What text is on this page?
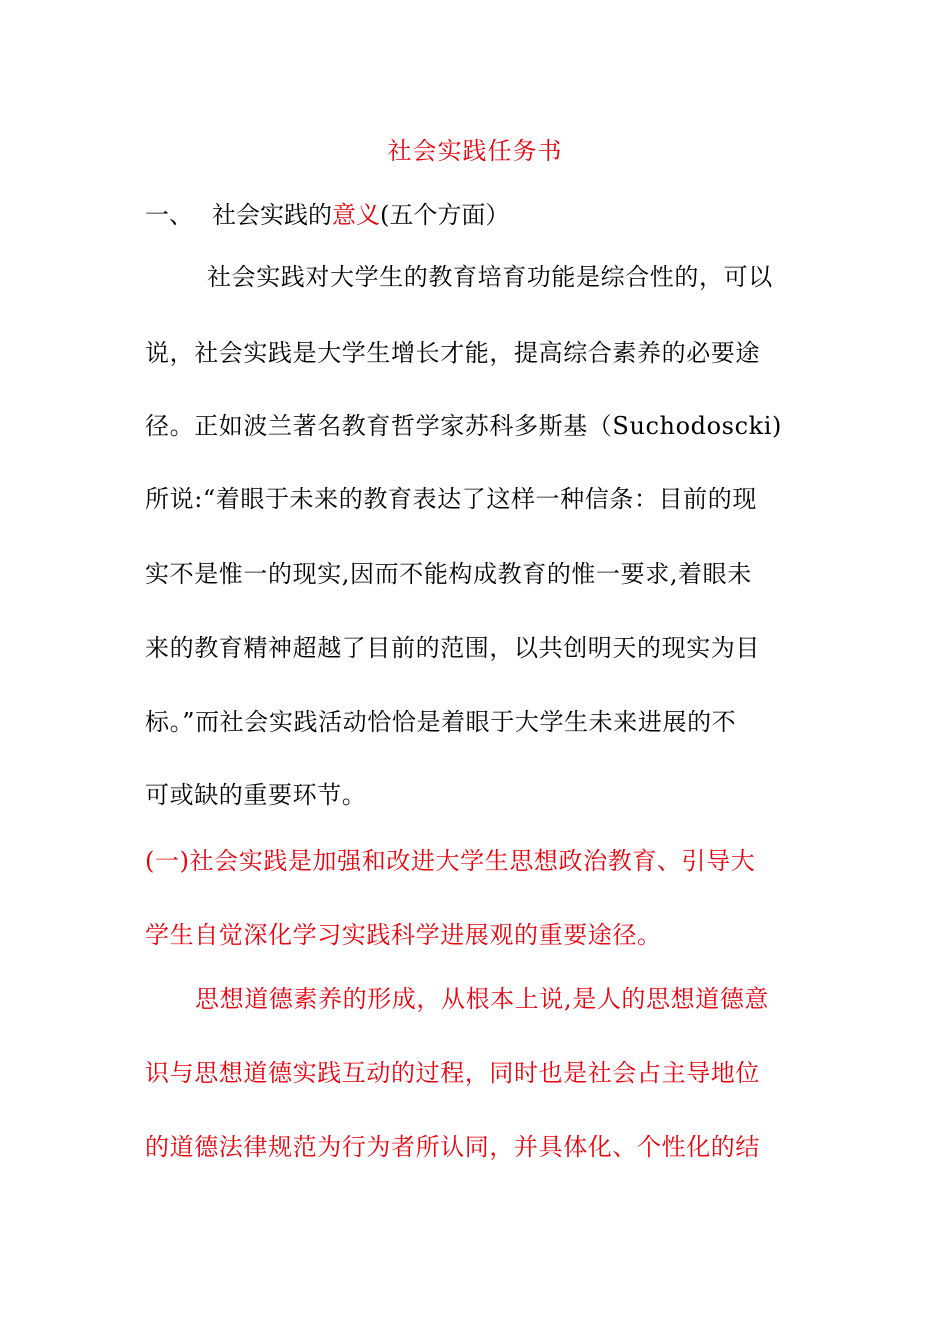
社会实践任务书
一、 社会实践的意义(五个方面）
社会实践对大学生的教育培育功能是综合性的，可以
说，社会实践是大学生增长才能，提高综合素养的必要途
径。正如波兰著名教育哲学家苏科多斯基（Suchodoscki)
所说:“着眼于未来的教育表达了这样一种信条：目前的现
实不是惟一的现实,因而不能构成教育的惟一要求,着眼未
来的教育精神超越了目前的范围，以共创明天的现实为目
标。”而社会实践活动恰恰是着眼于大学生未来进展的不
可或缺的重要环节。
(一)社会实践是加强和改进大学生思想政治教育、引导大
学生自觉深化学习实践科学进展观的重要途径。
思想道德素养的形成，从根本上说,是人的思想道德意
识与思想道德实践互动的过程，同时也是社会占主导地位
的道德法律规范为行为者所认同，并具体化、个性化的结
